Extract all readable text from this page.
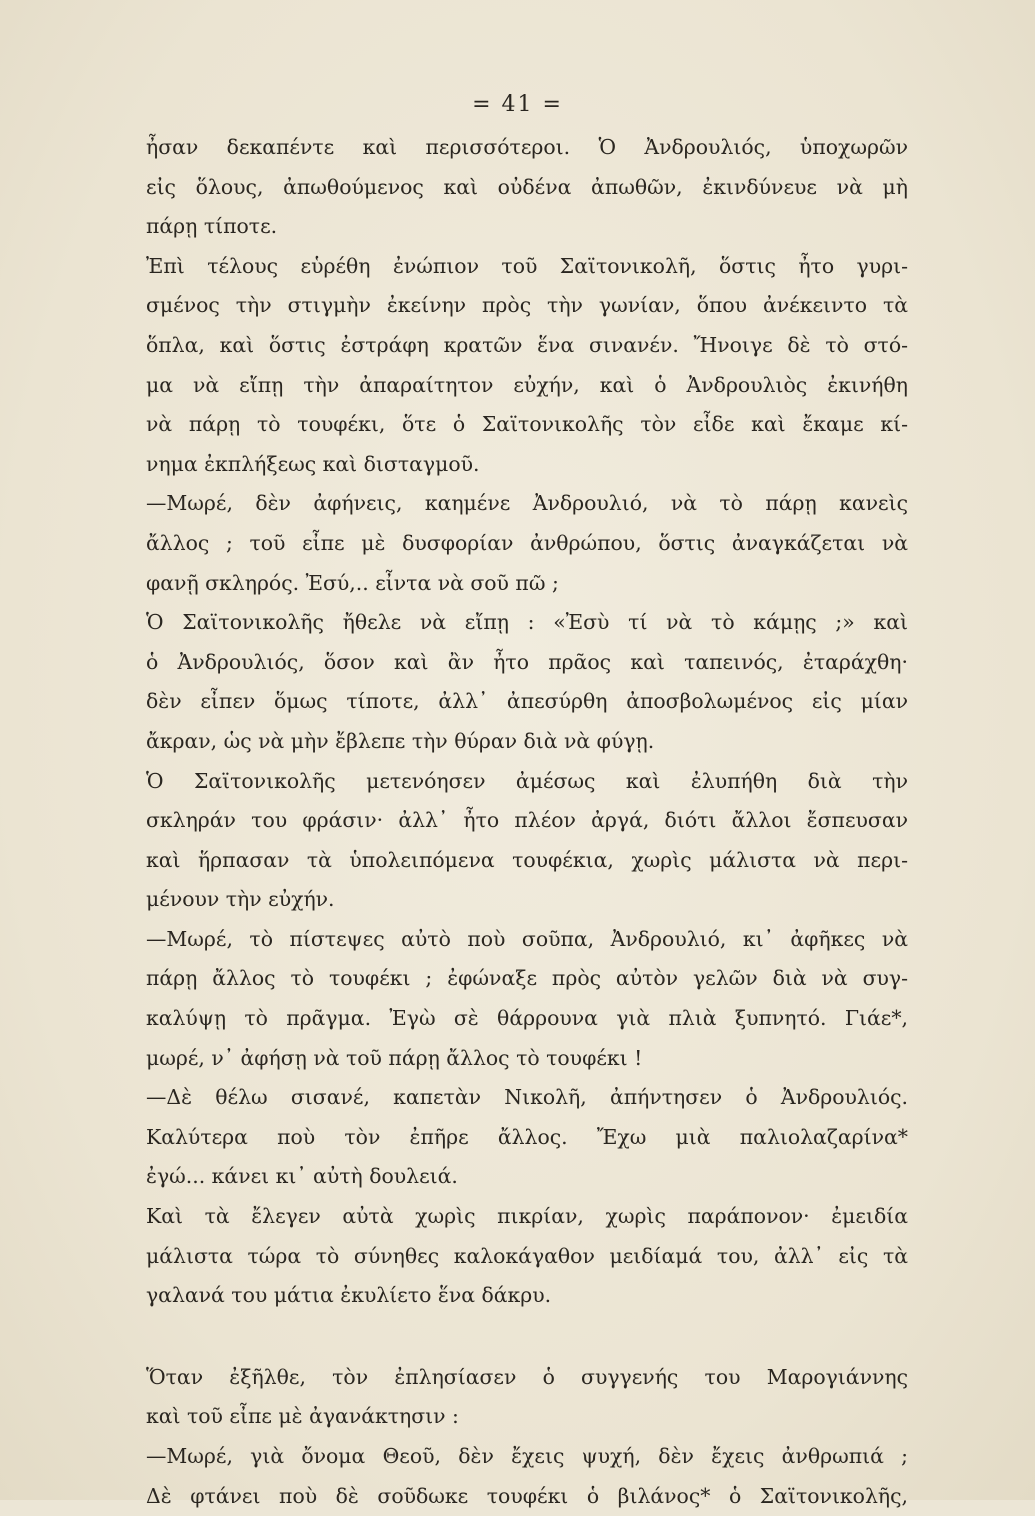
= 41 =
ἦσαν δεκαπέντε καὶ περισσότεροι. Ὁ Ἀνδρουλιός, ὑποχωρῶν
εἰς ὅλους, ἀπωθούμενος καὶ οὐδένα ἀπωθῶν, ἐκινδύνευε νὰ μὴ
πάρῃ τίποτε.
Ἐπὶ τέλους εὑρέθη ἐνώπιον τοῦ Σαϊτονικολῆ, ὅστις ἦτο γυρι-
σμένος τὴν στιγμὴν ἐκείνην πρὸς τὴν γωνίαν, ὅπου ἀνέκειντο τὰ
ὅπλα, καὶ ὅστις ἐστράφη κρατῶν ἕνα σινανέν. Ἤνοιγε δὲ τὸ στό-
μα νὰ εἴπῃ τὴν ἀπαραίτητον εὐχήν, καὶ ὁ Ἀνδρουλιὸς ἐκινήθη
νὰ πάρῃ τὸ τουφέκι, ὅτε ὁ Σαϊτονικολῆς τὸν εἶδε καὶ ἔκαμε κί-
νημα ἐκπλήξεως καὶ δισταγμοῦ.
—Μωρέ, δὲν ἀφήνεις, καημένε Ἀνδρουλιό, νὰ τὸ πάρῃ κανεὶς
ἄλλος ; τοῦ εἶπε μὲ δυσφορίαν ἀνθρώπου, ὅστις ἀναγκάζεται νὰ
φανῇ σκληρός. Ἐσύ,.. εἶντα νὰ σοῦ πῶ ;
Ὁ Σαϊτονικολῆς ἤθελε νὰ εἴπῃ : «Ἐσὺ τί νὰ τὸ κάμῃς ;» καὶ
ὁ Ἀνδρουλιός, ὅσον καὶ ἂν ἦτο πρᾶος καὶ ταπεινός, ἐταράχθη·
δὲν εἶπεν ὅμως τίποτε, ἀλλ᾽ ἀπεσύρθη ἀποσβολωμένος εἰς μίαν
ἄκραν, ὡς νὰ μὴν ἔβλεπε τὴν θύραν διὰ νὰ φύγῃ.
Ὁ Σαϊτονικολῆς μετενόησεν ἀμέσως καὶ ἐλυπήθη διὰ τὴν
σκληράν του φράσιν· ἀλλ᾽ ἦτο πλέον ἀργά, διότι ἄλλοι ἔσπευσαν
καὶ ἥρπασαν τὰ ὑπολειπόμενα τουφέκια, χωρὶς μάλιστα νὰ περι-
μένουν τὴν εὐχήν.
—Μωρέ, τὸ πίστεψες αὐτὸ ποὺ σοῦπα, Ἀνδρουλιό, κι᾽ ἀφῆκες νὰ
πάρῃ ἄλλος τὸ τουφέκι ; ἐφώναξε πρὸς αὐτὸν γελῶν διὰ νὰ συγ-
καλύψῃ τὸ πρᾶγμα. Ἐγὼ σὲ θάρρουνα γιὰ πλιὰ ξυπνητό. Γιάε*,
μωρέ, ν᾽ ἀφήσῃ νὰ τοῦ πάρῃ ἄλλος τὸ τουφέκι !
—Δὲ θέλω σισανέ, καπετὰν Νικολῆ, ἀπήντησεν ὁ Ἀνδρουλιός.
Καλύτερα ποὺ τὸν ἐπῆρε ἄλλος. Ἔχω μιὰ παλιολαζαρίνα*
ἐγώ... κάνει κι᾽ αὐτὴ δουλειά.
Καὶ τὰ ἔλεγεν αὐτὰ χωρὶς πικρίαν, χωρὶς παράπονον· ἐμειδία
μάλιστα τώρα τὸ σύνηθες καλοκάγαθον μειδίαμά του, ἀλλ᾽ εἰς τὰ
γαλανά του μάτια ἐκυλίετο ἕνα δάκρυ.
Ὅταν ἐξῆλθε, τὸν ἐπλησίασεν ὁ συγγενής του Μαρογιάννης
καὶ τοῦ εἶπε μὲ ἀγανάκτησιν :
—Μωρέ, γιὰ ὄνομα Θεοῦ, δὲν ἔχεις ψυχή, δὲν ἔχεις ἀνθρωπιά ;
Δὲ φτάνει ποὺ δὲ σοῦδωκε τουφέκι ὁ βιλάνος* ὁ Σαϊτονικολῆς,
